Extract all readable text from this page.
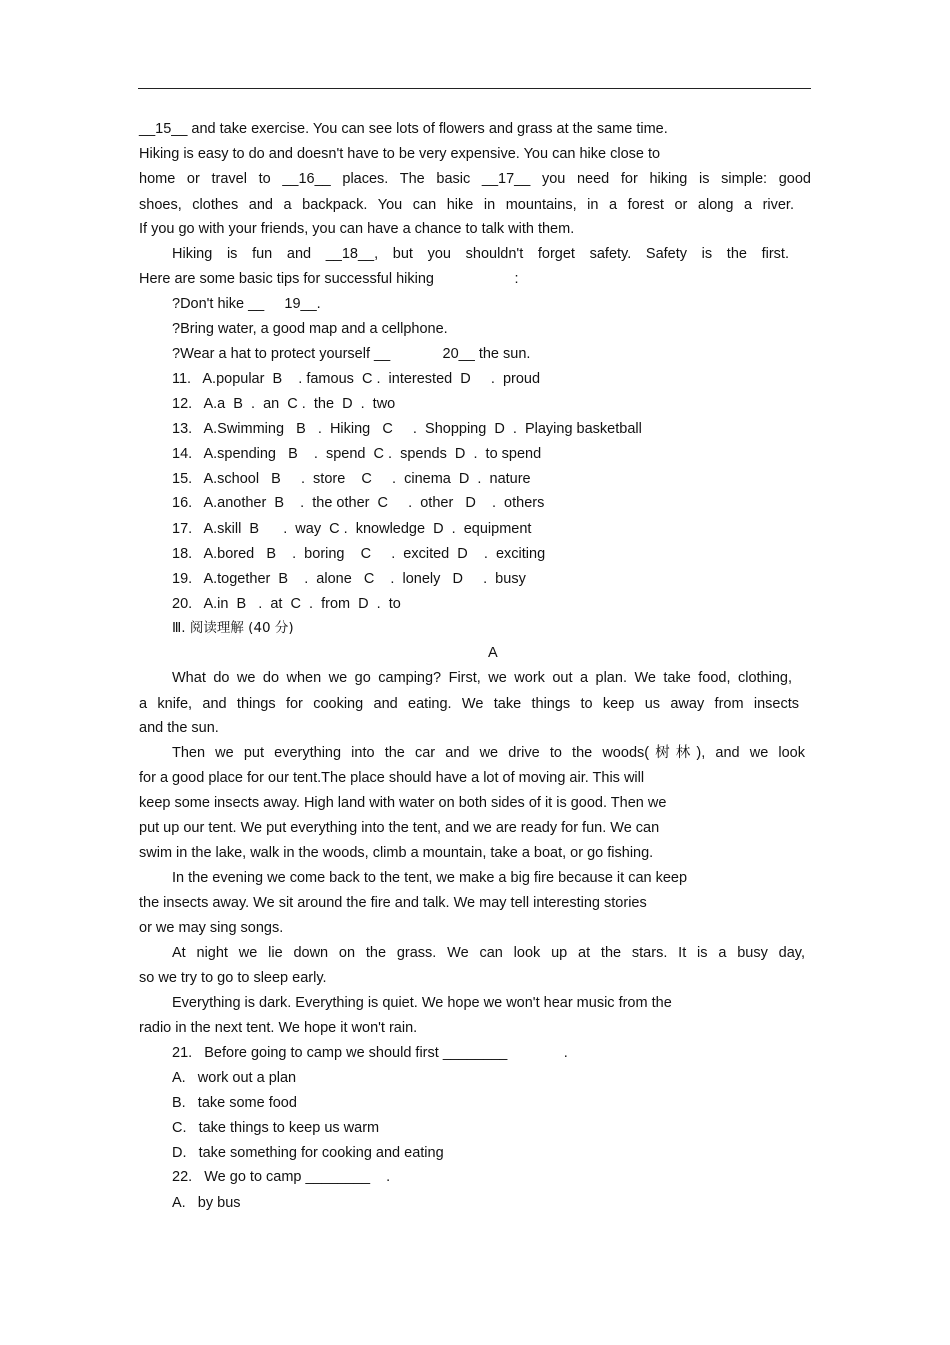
__15__ and take exercise. You can see lots of flowers and grass at the same time.
Hiking is easy to do and doesn't have to be very expensive. You can hike close to
home or travel to __16__ places. The basic __17__ you need for hiking is simple: good
shoes, clothes and a backpack. You can hike in mountains, in a forest or along a river.
If you go with your friends, you can have a chance to talk with them.
Hiking is fun and __18__, but you shouldn't forget safety. Safety is the first.
Here are some basic tips for successful hiking                    :
?Don't hike __     19__.
?Bring water, a good map and a cellphone.
?Wear a hat to protect yourself __             20__ the sun.
11.   A.popular  B    . famous  C .  interested  D     .  proud
12.   A.a  B  .  an  C .  the  D  .  two
13.   A.Swimming   B   .  Hiking   C     .  Shopping  D  .  Playing basketball
14.   A.spending   B    .  spend  C .  spends  D  .  to spend
15.   A.school   B     .  store    C     .  cinema  D  .  nature
16.   A.another  B    .  the other  C     .  other   D    .  others
17.   A.skill  B      .  way  C .  knowledge  D  .  equipment
18.   A.bored   B    .  boring    C     .  excited  D    .  exciting
19.   A.together  B    .  alone   C    .  lonely   D     .  busy
20.   A.in  B   .  at  C  .  from  D  .  to
Ⅲ. 阅读理解 (40 分)
A
What do we do when we go camping? First, we work out a plan. We take food, clothing,
a knife, and things for cooking and eating. We take things to keep us away from insects
and the sun.
Then we put everything into the car and we drive to the woods(树林), and we look
for a good place for our tent.The place should have a lot of moving air. This will
keep some insects away. High land with water on both sides of it is good. Then we
put up our tent. We put everything into the tent, and we are ready for fun. We can
swim in the lake, walk in the woods, climb a mountain, take a boat, or go fishing.
In the evening we come back to the tent, we make a big fire because it can keep
the insects away. We sit around the fire and talk. We may tell interesting stories
or we may sing songs.
At night we lie down on the grass. We can look up at the stars. It is a busy day,
so we try to go to sleep early.
Everything is dark. Everything is quiet. We hope we won't hear music from the
radio in the next tent. We hope it won't rain.
21.   Before going to camp we should first ________              .
A.   work out a plan
B.   take some food
C.   take things to keep us warm
D.   take something for cooking and eating
22.   We go to camp ________    .
A.   by bus
